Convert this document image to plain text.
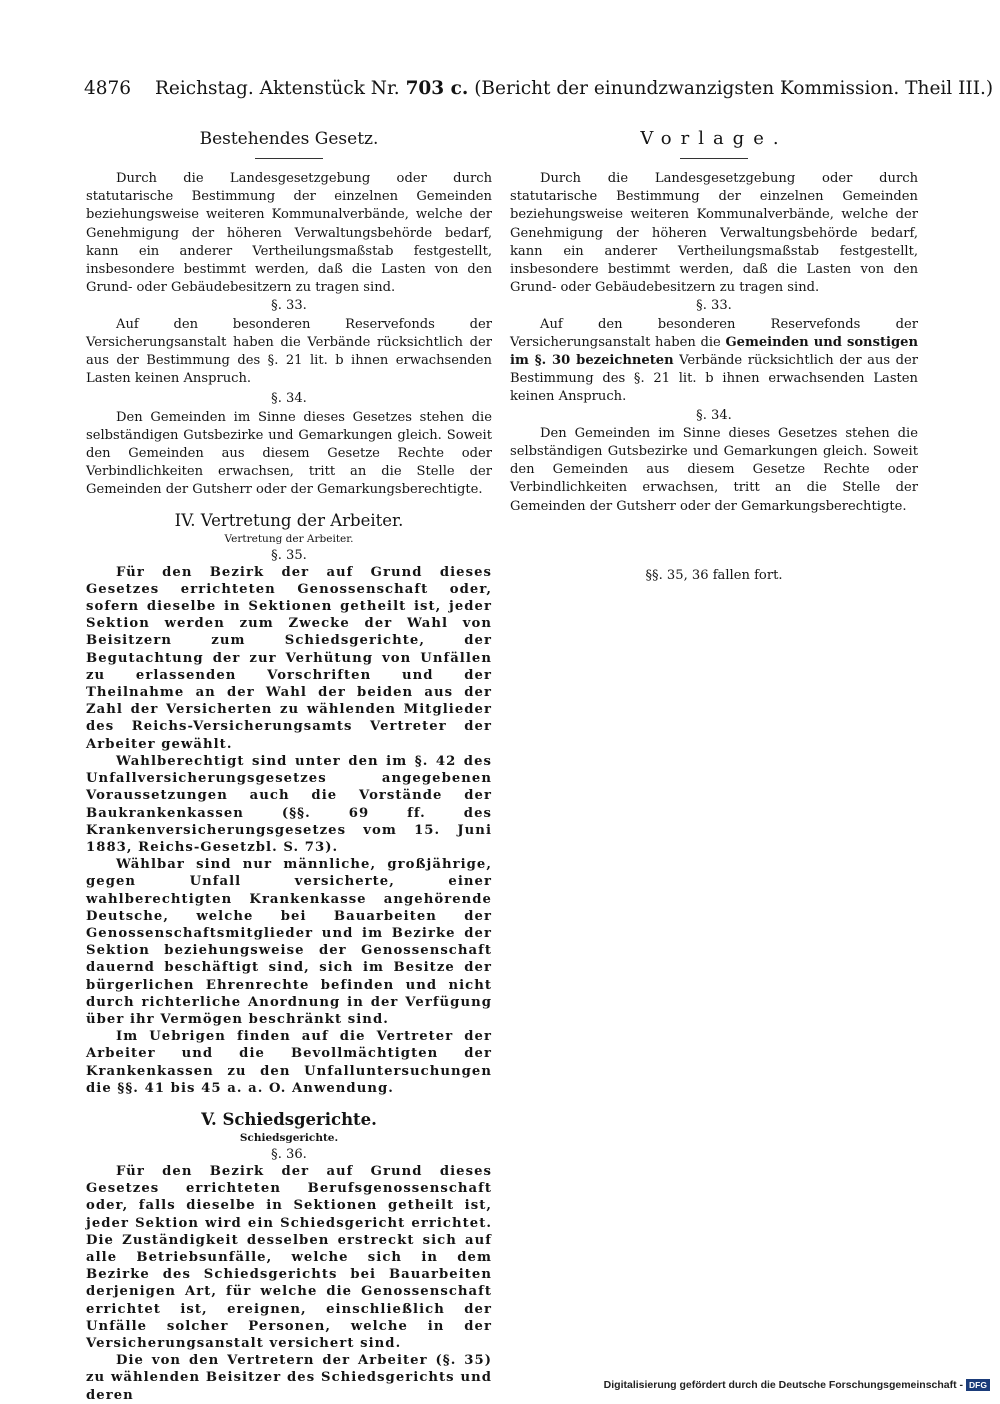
4876 Reichstag. Aktenstück Nr. 703 c. (Bericht der einundzwanzigsten Kommission. Theil III.)
Bestehendes Gesetz.

Durch die Landesgesetzgebung oder durch statutarische Bestimmung der einzelnen Gemeinden beziehungsweise weiteren Kommunalverbände, welche der Genehmigung der höheren Verwaltungsbehörde bedarf, kann ein anderer Vertheilungsmaßstab festgestellt, insbesondere bestimmt werden, daß die Lasten von den Grund- oder Gebäudebesitzern zu tragen sind.

§. 33.

Auf den besonderen Reservefonds der Versicherungsanstalt haben die Verbände rücksichtlich der aus der Bestimmung des §. 21 lit. b ihnen erwachsenden Lasten keinen Anspruch.

§. 34.

Den Gemeinden im Sinne dieses Gesetzes stehen die selbständigen Gutsbezirke und Gemarkungen gleich. Soweit den Gemeinden aus diesem Gesetze Rechte oder Verbindlichkeiten erwachsen, tritt an die Stelle der Gemeinden der Gutsherr oder der Gemarkungsberechtigte.

IV. Vertretung der Arbeiter.
Vertretung der Arbeiter.
§. 35.

Für den Bezirk der auf Grund dieses Gesetzes errichteten Genossenschaft oder, sofern dieselbe in Sektionen getheilt ist, jeder Sektion werden zum Zwecke der Wahl von Beisitzern zum Schiedsgerichte, der Begutachtung der zur Verhütung von Unfällen zu erlassenden Vorschriften und der Theilnahme an der Wahl der beiden aus der Zahl der Versicherten zu wählenden Mitglieder des Reichs-Versicherungsamts Vertreter der Arbeiter gewählt.

Wahlberechtigt sind unter den im §. 42 des Unfallversicherungsgesetzes angegebenen Voraussetzungen auch die Vorstände der Baukrankenkassen (§§. 69 ff. des Krankenversicherungsgesetzes vom 15. Juni 1883, Reichs-Gesetzbl. S. 73).

Wählbar sind nur männliche, großjährige, gegen Unfall versicherte, einer wahlberechtigten Krankenkasse angehörende Deutsche, welche bei Bauarbeiten der Genossenschaftsmitglieder und im Bezirke der Sektion beziehungsweise der Genossenschaft dauernd beschäftigt sind, sich im Besitze der bürgerlichen Ehrenrechte befinden und nicht durch richterliche Anordnung in der Verfügung über ihr Vermögen beschränkt sind.

Im Uebrigen finden auf die Vertreter der Arbeiter und die Bevollmächtigten der Krankenkassen zu den Unfalluntersuchungen die §§. 41 bis 45 a. a. O. Anwendung.

V. Schiedsgerichte.
Schiedsgerichte.
§. 36.

Für den Bezirk der auf Grund dieses Gesetzes errichteten Berufsgenossenschaft oder, falls dieselbe in Sektionen getheilt ist, jeder Sektion wird ein Schiedsgericht errichtet. Die Zuständigkeit desselben erstreckt sich auf alle Betriebsunfälle, welche sich in dem Bezirke des Schiedsgerichts bei Bauarbeiten derjenigen Art, für welche die Genossenschaft errichtet ist, ereignen, einschließlich der Unfälle solcher Personen, welche in der Versicherungsanstalt versichert sind.

Die von den Vertretern der Arbeiter (§. 35) zu wählenden Beisitzer des Schiedsgerichts und deren

Vorlage.

Durch die Landesgesetzgebung oder durch statutarische Bestimmung der einzelnen Gemeinden beziehungsweise weiteren Kommunalverbände, welche der Genehmigung der höheren Verwaltungsbehörde bedarf, kann ein anderer Vertheilungsmaßstab festgestellt, insbesondere bestimmt werden, daß die Lasten von den Grund- oder Gebäudebesitzern zu tragen sind.

§. 33.

Auf den besonderen Reservefonds der Versicherungsanstalt haben die Gemeinden und sonstigen im §. 30 bezeichneten Verbände rücksichtlich der aus der Bestimmung des §. 21 lit. b ihnen erwachsenden Lasten keinen Anspruch.

§. 34.

Den Gemeinden im Sinne dieses Gesetzes stehen die selbständigen Gutsbezirke und Gemarkungen gleich. Soweit den Gemeinden aus diesem Gesetze Rechte oder Verbindlichkeiten erwachsen, tritt an die Stelle der Gemeinden der Gutsherr oder der Gemarkungsberechtigte.

§§. 35, 36 fallen fort.
Digitalisierung gefördert durch die Deutsche Forschungsgemeinschaft - DFG
